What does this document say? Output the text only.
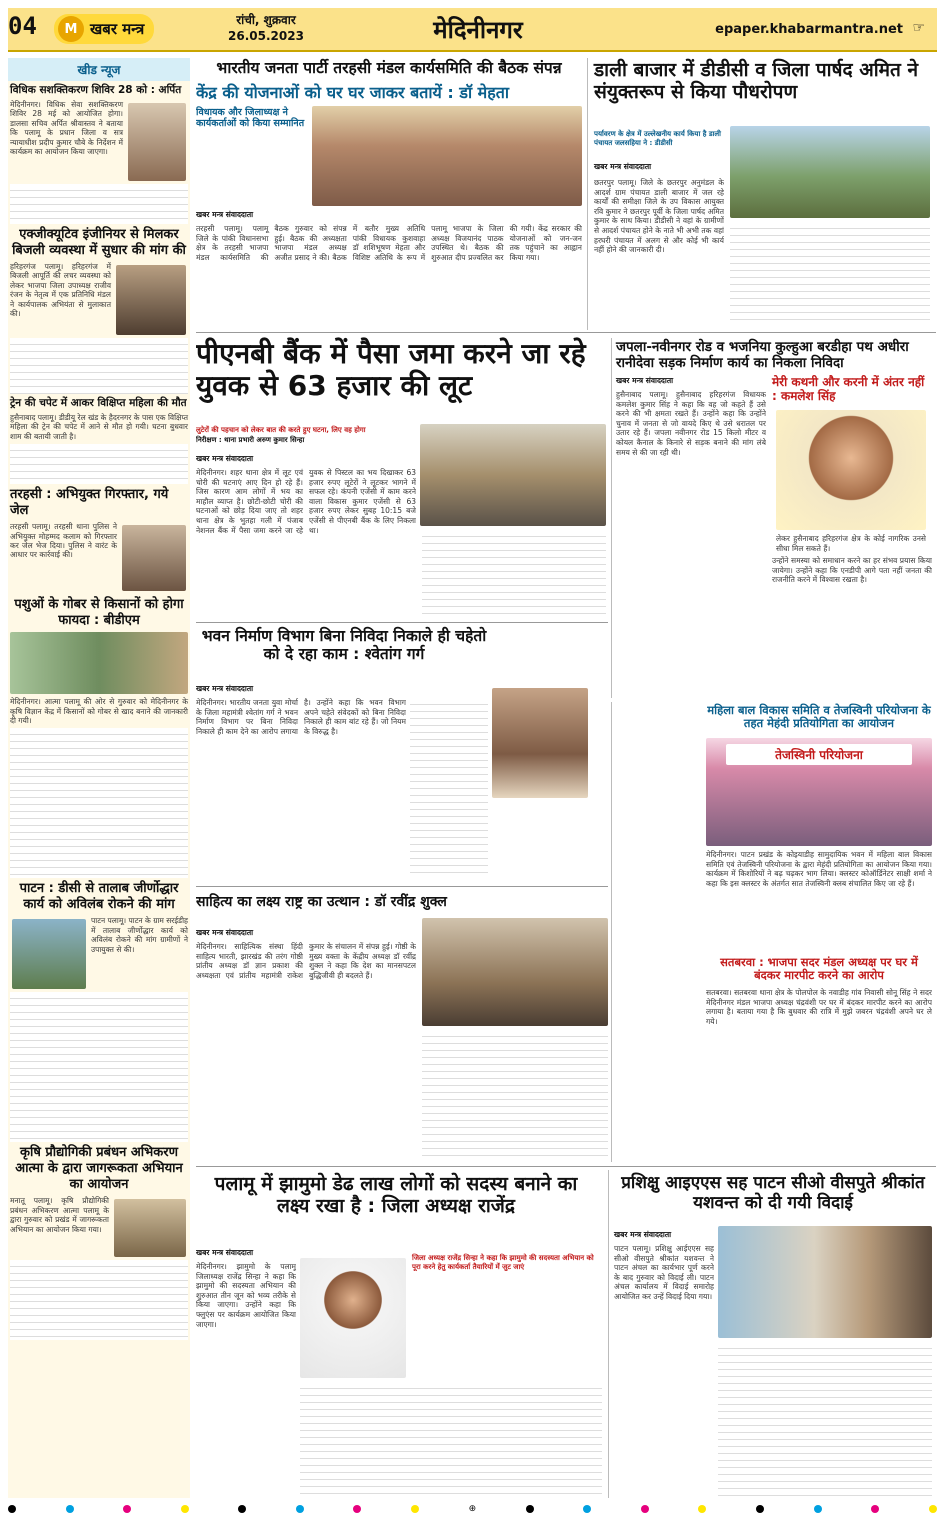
04	M खबर मन्त्र	रांची, शुक्रवार
26.05.2023	मेदिनीनगर	epaper.khabarmantra.net ☞
खीड न्यूज
विधिक सशक्तिकरण शिविर 28 को : अर्पित
मेदिनीनगर। विधिक सेवा सशक्तिकरण शिविर 28 मई को आयोजित होगा। डालसा सचिव अर्पित श्रीवास्तव ने बताया कि पलामू के प्रधान जिला व सत्र न्यायाधीश प्रदीप कुमार चौबे के निर्देशन में कार्यक्रम का आयोजन किया जाएगा।
एक्जीक्यूटिव इंजीनियर से मिलकर बिजली व्यवस्था में सुधार की मांग की
हरिहरगंज पलामू। हरिहरगंज में बिजली आपूर्ति की लचर व्यवस्था को लेकर भाजपा जिला उपाध्यक्ष राजीव रंजन के नेतृत्व में एक प्रतिनिधि मंडल ने कार्यपालक अभियंता से मुलाकात की।
ट्रेन की चपेट में आकर विक्षिप्त महिला की मौत
हुसैनाबाद पलामू। डीडीयू रेल खंड के हैदरनगर के पास एक विक्षिप्त महिला की ट्रेन की चपेट में आने से मौत हो गयी। घटना बुधवार शाम की बतायी जाती है।
तरहसी : अभियुक्त गिरफ्तार, गये जेल
तरहसी पलामू। तरहसी थाना पुलिस ने अभियुक्त मोहम्मद कलाम को गिरफ्तार कर जेल भेज दिया। पुलिस ने वारंट के आधार पर कार्रवाई की।
पशुओं के गोबर से किसानों को होगा फायदा : बीडीएम
मेदिनीनगर। आत्मा पलामू की ओर से गुरुवार को मेदिनीनगर के कृषि विज्ञान केंद्र में किसानों को गोबर से खाद बनाने की जानकारी दी गयी।
पाटन : डीसी से तालाब जीर्णोद्धार कार्य को अविलंब रोकने की मांग
पाटन पलामू। पाटन के ग्राम सरईडीह में तालाब जीर्णोद्धार कार्य को अविलंब रोकने की मांग ग्रामीणों ने उपायुक्त से की।
कृषि प्रौद्योगिकी प्रबंधन अभिकरण आत्मा के द्वारा जागरूकता अभियान का आयोजन
मनातू पलामू। कृषि प्रौद्योगिकी प्रबंधन अभिकरण आत्मा पलामू के द्वारा गुरुवार को प्रखंड में जागरूकता अभियान का आयोजन किया गया।
भारतीय जनता पार्टी तरहसी मंडल कार्यसमिति की बैठक संपन्न
केंद्र की योजनाओं को घर घर जाकर बतायें : डॉ मेहता
विधायक और जिलाध्यक्ष ने कार्यकर्ताओं को किया सम्मानित
खबर मन्त्र संवाददाता
तरहसी पलामू। पलामू जिले के पांकी विधानसभा क्षेत्र के तरहसी भाजपा मंडल कार्यसमिति की बैठक गुरुवार को संपन्न हुई। बैठक की अध्यक्षता भाजपा मंडल अध्यक्ष अजीत प्रसाद ने की। बैठक में बतौर मुख्य अतिथि पांकी विधायक कुशवाहा डॉ शशिभूषण मेहता और विशिष्ट अतिथि के रूप में पलामू भाजपा के जिला अध्यक्ष विजयानंद पाठक उपस्थित थे। बैठक की शुरुआत दीप प्रज्वलित कर की गयी। केंद्र सरकार की योजनाओं को जन-जन तक पहुंचाने का आह्वान किया गया।
डाली बाजार में डीडीसी व जिला पार्षद अमित ने संयुक्तरूप से किया पौधरोपण
पर्यावरण के क्षेत्र में उल्लेखनीय कार्य किया है डाली पंचायत जलसहिया ने : डीडीसी
खबर मन्त्र संवाददाता
छतरपुर पलामू। जिले के छतरपुर अनुमंडल के आदर्श ग्राम पंचायत डाली बाजार में जल रहे कार्यों की समीक्षा जिले के उप विकास आयुक्त रवि कुमार ने छतरपुर पूर्वी के जिला पार्षद अमित कुमार के साथ किया। डीडीसी ने वहां के ग्रामीणों से आदर्श पंचायत होने के नाते भी अभी तक वहां हरघरी पंचायत में अलग से और कोई भी कार्य नहीं होने की जानकारी दी।
पीएनबी बैंक में पैसा जमा करने जा रहे युवक से 63 हजार की लूट
लुटेरों की पहचान को लेकर बात की करते हुए घटना, लिए वह होगा
निरीक्षण : थाना प्रभारी अरुण कुमार सिन्हा
खबर मन्त्र संवाददाता
मेदिनीनगर। शहर थाना क्षेत्र में लूट एवं चोरी की घटनाएं आए दिन हो रहे हैं। जिस कारण आम लोगों में भय का माहौल व्याप्त है। छोटी-छोटी चोरी की घटनाओं को छोड़ दिया जाए तो शहर थाना क्षेत्र के भुतहा गली में पंजाब नेशनल बैंक में पैसा जमा करने जा रहे युवक से पिस्टल का भय दिखाकर 63 हजार रुपए लूटेरों ने लूटकर भागने में सफल रहे। कंपनी एजेंसी में काम करने वाला विकास कुमार एजेंसी से 63 हजार रुपए लेकर सुबह 10:15 बजे एजेंसी से पीएनबी बैंक के लिए निकला था।
जपला-नवीनगर रोड व भजनिया कुल्हुआ बरडीहा पथ अधीरा रानीदेवा सड़क निर्माण कार्य का निकला निविदा
खबर मन्त्र संवाददाता
हुसैनाबाद पलामू। हुसैनाबाद हरिहरगंज विधायक कमलेश कुमार सिंह ने कहा कि वह जो कहते हैं उसे करने की भी क्षमता रखते हैं। उन्होंने कहा कि उन्होंने चुनाव में जनता से जो वायदे किए थे उसे धरातल पर उतार रहे हैं। जपला नवीनगर रोड 15 किलो मीटर व कोयल कैनाल के किनारे से सड़क बनाने की मांग लंबे समय से की जा रही थी।
मेरी कथनी और करनी में अंतर नहीं : कमलेश सिंह
लेकर हुसैनाबाद हरिहरगंज क्षेत्र के कोई नागरिक उनसे सीधा मिल सकते हैं।
उन्होंने समस्या को समाधान करने का हर संभव प्रयास किया जायेगा। उन्होंने कहा कि एनडीपी आगे पता नहीं जनता की राजनीति करने में विश्वास रखता है।
भवन निर्माण विभाग बिना निविदा निकाले ही चहेतो को दे रहा काम : श्वेतांग गर्ग
खबर मन्त्र संवाददाता
मेदिनीनगर। भारतीय जनता युवा मोर्चा के जिला महामंत्री श्वेतांग गर्ग ने भवन निर्माण विभाग पर बिना निविदा निकाले ही काम देने का आरोप लगाया है। उन्होंने कहा कि भवन विभाग अपने चहेते संवेदकों को बिना निविदा निकाले ही काम बांट रहे हैं। जो नियम के विरुद्ध है।
साहित्य का लक्ष्य राष्ट्र का उत्थान : डॉ रवींद्र शुक्ल
खबर मन्त्र संवाददाता
मेदिनीनगर। साहित्यिक संस्था हिंदी साहित्य भारती, झारखंड की तरंग गोष्ठी प्रांतीय अध्यक्ष डॉ ज्ञान प्रकाश की अध्यक्षता एवं प्रांतीय महामंत्री राकेश कुमार के संचालन में संपन्न हुई। गोष्ठी के मुख्य वक्ता के केंद्रीय अध्यक्ष डॉ रवींद्र शुक्ल ने कहा कि देश का मानसपटल बुद्धिजीवी ही बदलते हैं।
महिला बाल विकास समिति व तेजस्विनी परियोजना के तहत मेहंदी प्रतियोगिता का आयोजन
तेजस्विनी परियोजना
मेदिनीनगर। पाटन प्रखंड के कोइयाडीह सामुदायिक भवन में महिला बाल विकास समिति एवं तेजस्विनी परियोजना के द्वारा मेहंदी प्रतियोगिता का आयोजन किया गया। कार्यक्रम में किशोरियों ने बढ़ चढ़कर भाग लिया। क्लस्टर कोऑर्डिनेटर साक्षी शर्मा ने कहा कि इस क्लस्टर के अंतर्गत सात तेजस्विनी क्लब संचालित किए जा रहे हैं।
सतबरवा : भाजपा सदर मंडल अध्यक्ष पर घर में बंदकर मारपीट करने का आरोप
सतबरवा। सतबरवा थाना क्षेत्र के पोलपोल के नवाडीह गांव निवासी सोनू सिंह ने सदर मेदिनीनगर मंडल भाजपा अध्यक्ष चंद्रवंशी पर घर में बंदकर मारपीट करने का आरोप लगाया है। बताया गया है कि बुधवार की रात्रि में मुझे जबरन चंद्रवंशी अपने घर ले गये।
पलामू में झामुमो डेढ लाख लोगों को सदस्य बनाने का लक्ष्य रखा है : जिला अध्यक्ष राजेंद्र
खबर मन्त्र संवाददाता
मेदिनीनगर। झामुमो के पलामू जिलाध्यक्ष राजेंद्र सिन्हा ने कहा कि झामुमो की सदस्यता अभियान की शुरुआत तीन जून को भव्य तरीके से किया जाएगा। उन्होंने कहा कि फ्लुएंस पर कार्यक्रम आयोजित किया जाएगा।
जिला अध्यक्ष राजेंद्र सिन्हा ने कहा कि झामुमो की सदस्यता अभियान को पूरा करने हेतु कार्यकर्ता तैयारियों में जुट जाएं
प्रशिक्षु आइएएस सह पाटन सीओ वीसपुते श्रीकांत यशवन्त को दी गयी विदाई
खबर मन्त्र संवाददाता
पाटन पलामू। प्रशिक्षु आईएएस सह सीओ वीसपुते श्रीकांत यशवन्त ने पाटन अंचल का कार्यभार पूर्ण करने के बाद गुरुवार को विदाई ली। पाटन अंचल कार्यालय में विदाई समारोह आयोजित कर उन्हें विदाई दिया गया।
⊕
